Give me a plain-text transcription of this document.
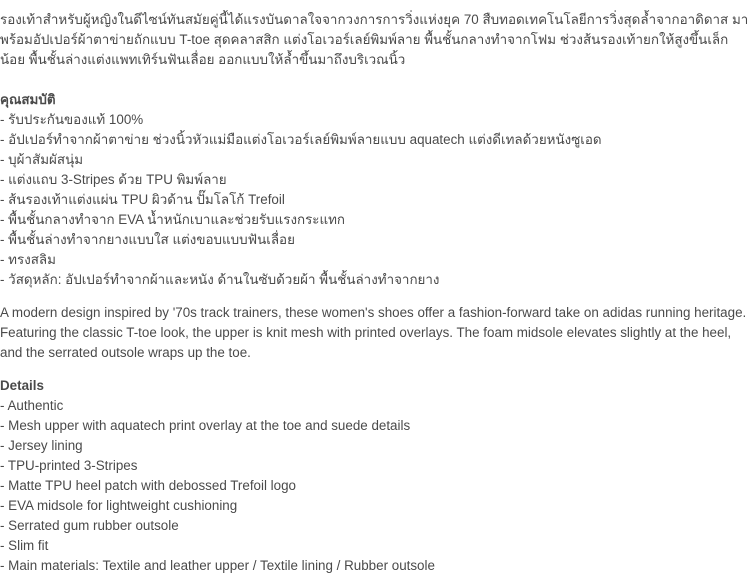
รองเท้าสำหรับผู้หญิงในดีไซน์ทันสมัยคู่นี้ได้แรงบันดาลใจจากวงการการวิ่งแห่งยุค 70 สืบทอดเทคโนโลยีการวิ่งสุดล้ำจากอาดิดาส มาพร้อมอัปเปอร์ผ้าตาข่ายถักแบบ T-toe สุดคลาสสิก แต่งโอเวอร์เลย์พิมพ์ลาย พื้นชั้นกลางทำจากโฟม ช่วงส้นรองเท้ายกให้สูงขึ้นเล็กน้อย พื้นชั้นล่างแต่งแพทเทิร์นฟันเลื่อย ออกแบบให้ล้ำขึ้นมาถึงบริเวณนิ้ว

คุณสมบัติ

- รับประกันของแท้ 100%
- อัปเปอร์ทำจากผ้าตาข่าย ช่วงนิ้วหัวแม่มือแต่งโอเวอร์เลย์พิมพ์ลายแบบ aquatech แต่งดีเทลด้วยหนังซูเอด
- บุผ้าสัมผัสนุ่ม
- แต่งแถบ 3-Stripes ด้วย TPU พิมพ์ลาย
- ส้นรองเท้าแต่งแผ่น TPU ผิวด้าน ปั๊มโลโก้ Trefoil
- พื้นชั้นกลางทำจาก EVA น้ำหนักเบาและช่วยรับแรงกระแทก
- พื้นชั้นล่างทำจากยางแบบใส แต่งขอบแบบฟันเลื่อย
- ทรงสลิม
- วัสดุหลัก: อัปเปอร์ทำจากผ้าและหนัง ด้านในซับด้วยผ้า พื้นชั้นล่างทำจากยาง

A modern design inspired by '70s track trainers, these women's shoes offer a fashion-forward take on adidas running heritage. Featuring the classic T-toe look, the upper is knit mesh with printed overlays. The foam midsole elevates slightly at the heel, and the serrated outsole wraps up the toe.

Details

- Authentic
- Mesh upper with aquatech print overlay at the toe and suede details
- Jersey lining
- TPU-printed 3-Stripes
- Matte TPU heel patch with debossed Trefoil logo
- EVA midsole for lightweight cushioning
- Serrated gum rubber outsole
- Slim fit
- Main materials: Textile and leather upper / Textile lining / Rubber outsole
